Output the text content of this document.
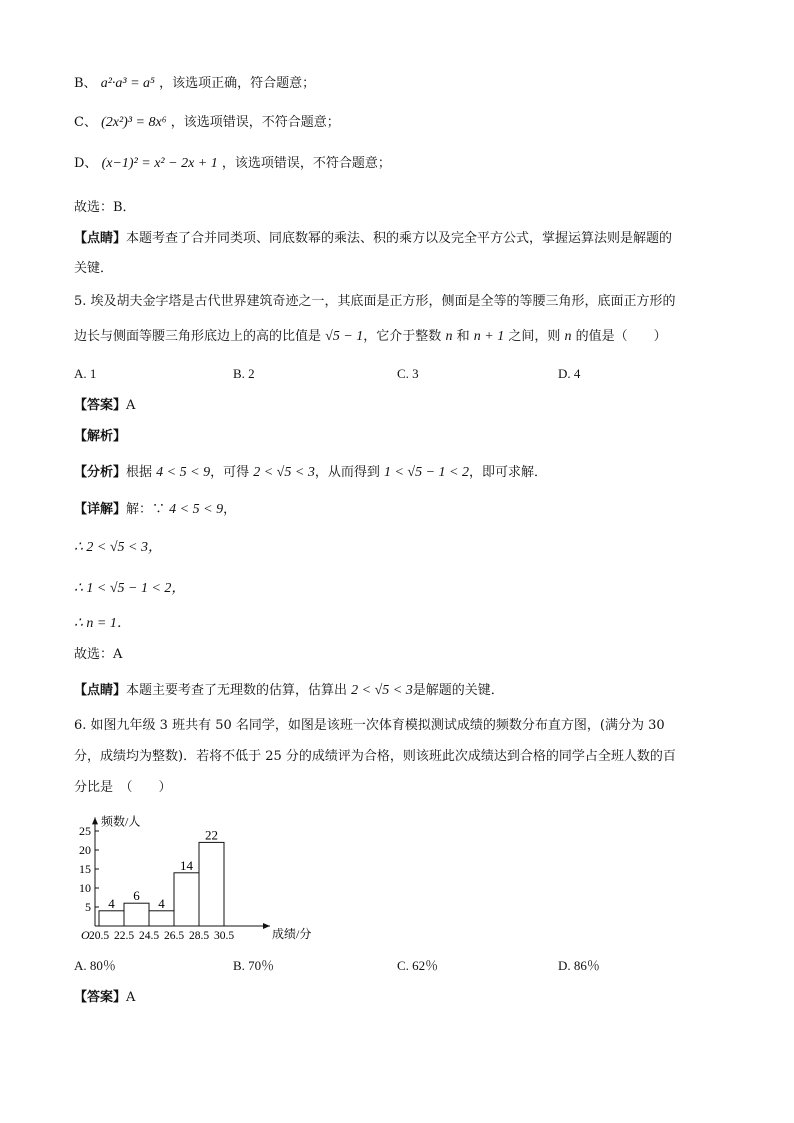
B、 a²·a³ = a⁵ ，该选项正确，符合题意；
C、 (2x²)³ = 8x⁶ ，该选项错误，不符合题意；
D、 (x−1)² = x² − 2x + 1 ，该选项错误，不符合题意；
故选：B．
【点睛】本题考查了合并同类项、同底数幂的乘法、积的乘方以及完全平方公式，掌握运算法则是解题的
关键．
5. 埃及胡夫金字塔是古代世界建筑奇迹之一，其底面是正方形，侧面是全等的等腰三角形，底面正方形的
边长与侧面等腰三角形底边上的高的比值是 √5 − 1，它介于整数 n 和 n + 1 之间，则 n 的值是（　　）
A. 1	B. 2	C. 3	D. 4
【答案】A
【解析】
【分析】根据 4 < 5 < 9，可得 2 < √5 < 3，从而得到 1 < √5 − 1 < 2，即可求解．
【详解】解：∵ 4 < 5 < 9，
∴ 2 < √5 < 3，
∴ 1 < √5 − 1 < 2，
∴ n = 1．
故选：A
【点睛】本题主要考查了无理数的估算，估算出 2 < √5 < 3是解题的关键．
6. 如图九年级 3 班共有 50 名同学，如图是该班一次体育模拟测试成绩的频数分布直方图，(满分为 30
分，成绩均为整数)．若将不低于 25 分的成绩评为合格，则该班此次成绩达到合格的同学占全班人数的百
分比是　（　　）
频数/人
成绩/分
O
5
10
15
20
25
4
6
4
14
22
20.5 22.5 24.5 26.5 28.5 30.5
A. 80％	B. 70％	C. 62％	D. 86％
【答案】A
